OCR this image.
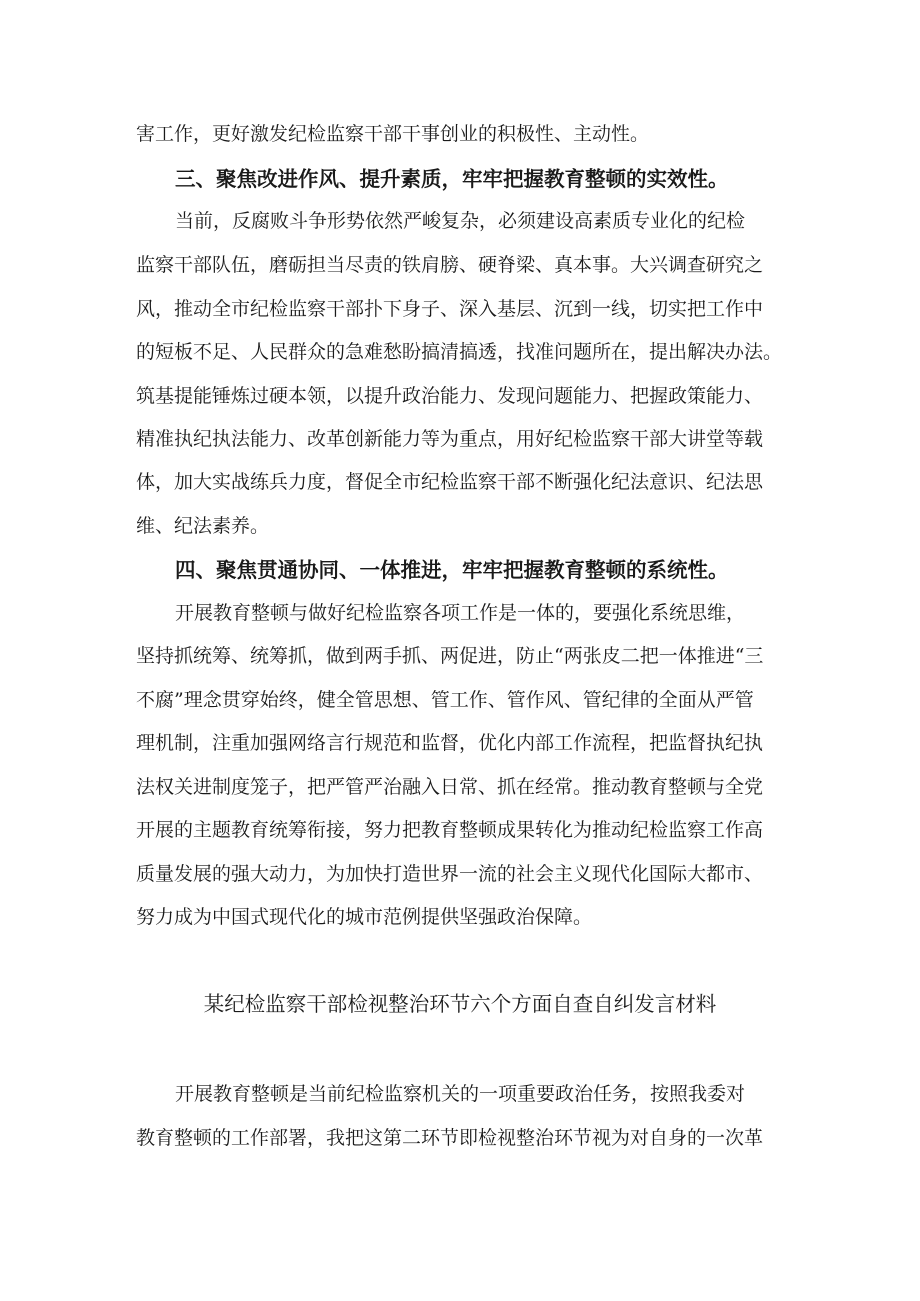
害工作，更好激发纪检监察干部干事创业的积极性、主动性。
三、聚焦改进作风、提升素质，牢牢把握教育整顿的实效性。
当前，反腐败斗争形势依然严峻复杂，必须建设高素质专业化的纪检
监察干部队伍，磨砺担当尽责的铁肩膀、硬脊梁、真本事。大兴调查研究之
风，推动全市纪检监察干部扑下身子、深入基层、沉到一线，切实把工作中
的短板不足、人民群众的急难愁盼搞清搞透，找准问题所在，提出解决办法。
筑基提能锤炼过硬本领，以提升政治能力、发现问题能力、把握政策能力、
精准执纪执法能力、改革创新能力等为重点，用好纪检监察干部大讲堂等载
体，加大实战练兵力度，督促全市纪检监察干部不断强化纪法意识、纪法思
维、纪法素养。
四、聚焦贯通协同、一体推进，牢牢把握教育整顿的系统性。
开展教育整顿与做好纪检监察各项工作是一体的，要强化系统思维，
坚持抓统筹、统筹抓，做到两手抓、两促进，防止“两张皮二把一体推进“三
不腐”理念贯穿始终，健全管思想、管工作、管作风、管纪律的全面从严管
理机制，注重加强网络言行规范和监督，优化内部工作流程，把监督执纪执
法权关进制度笼子，把严管严治融入日常、抓在经常。推动教育整顿与全党
开展的主题教育统筹衔接，努力把教育整顿成果转化为推动纪检监察工作高
质量发展的强大动力，为加快打造世界一流的社会主义现代化国际大都市、
努力成为中国式现代化的城市范例提供坚强政治保障。
某纪检监察干部检视整治环节六个方面自查自纠发言材料
开展教育整顿是当前纪检监察机关的一项重要政治任务，按照我委对
教育整顿的工作部署，我把这第二环节即检视整治环节视为对自身的一次革
